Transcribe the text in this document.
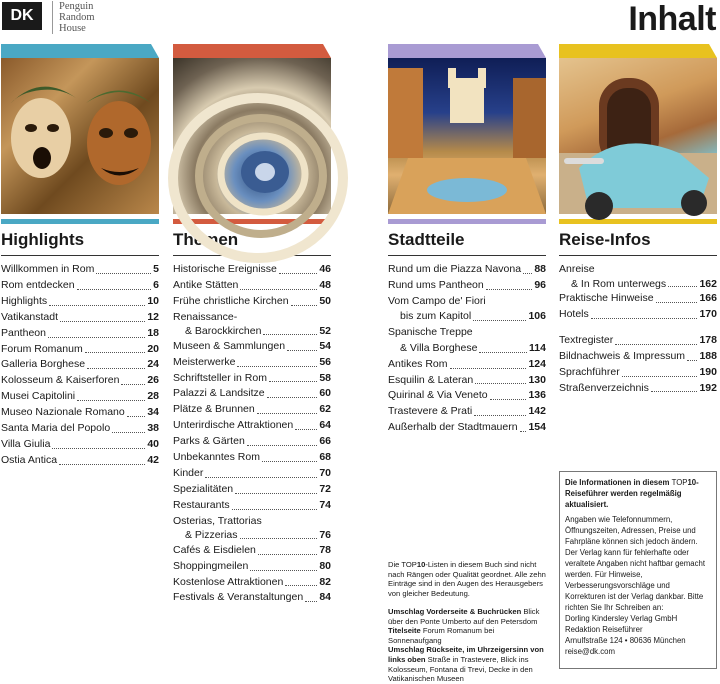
DK
Penguin
Random
House	Inhalt
Highlights
Willkommen in Rom	5
Rom entdecken	6
Highlights	10
Vatikanstadt	12
Pantheon	18
Forum Romanum	20
Galleria Borghese	24
Kolosseum & Kaiserforen	26
Musei Capitolini	28
Museo Nazionale Romano 34
Santa Maria del Popolo	38
Villa Giulia	40
Ostia Antica	42
Themen
Historische Ereignisse	46
Antike Stätten	48
Frühe christliche Kirchen	50
Renaissance-
& Barockkirchen	52
Museen & Sammlungen	54
Meisterwerke	56
Schriftsteller in Rom	58
Palazzi & Landsitze	60
Plätze & Brunnen	62
Unterirdische Attraktionen 64
Parks & Gärten	66
Unbekanntes Rom	68
Kinder	70
Spezialitäten	72
Restaurants	74
Osterias, Trattorias
& Pizzerias	76
Cafés & Eisdielen	78
Shoppingmeilen	80
Kostenlose Attraktionen	82
Festivals & Veranstaltungen 84
Stadtteile
Rund um die Piazza Navona 88
Rund ums Pantheon	96
Vom Campo de' Fiori
bis zum Kapitol	106
Spanische Treppe
& Villa Borghese	114
Antikes Rom	124
Esquilin & Lateran	130
Quirinal & Via Veneto	136
Trastevere & Prati	142
Außerhalb der Stadtmauern 154
Reise-Infos
Anreise
& In Rom unterwegs	162
Praktische Hinweise	166
Hotels	170
Textregister	178
Bildnachweis & Impressum 188
Sprachführer	190
Straßenverzeichnis	192
Die TOP10-Listen in diesem Buch sind nicht nach Rängen oder Qualität geordnet. Alle zehn Einträge sind in den Augen des Herausgebers von gleicher Bedeutung.
Umschlag Vorderseite & Buchrücken Blick über den Ponte Umberto auf den Petersdom
Titelseite Forum Romanum bei Sonnenaufgang
Umschlag Rückseite, im Uhrzeigersinn von links oben Straße in Trastevere, Blick ins Kolosseum, Fontana di Trevi, Decke in den Vatikanischen Museen
Die Informationen in diesem TOP10-Reiseführer werden regelmäßig aktualisiert.

Angaben wie Telefonnummern, Öffnungszeiten, Adressen, Preise und Fahrpläne können sich jedoch ändern. Der Verlag kann für fehlerhafte oder veraltete Angaben nicht haftbar gemacht werden. Für Hinweise, Verbesserungsvorschläge und Korrekturen ist der Verlag dankbar. Bitte richten Sie Ihr Schreiben an:

Dorling Kindersley Verlag GmbH
Redaktion Reiseführer
Arnulfstraße 124 • 80636 München
reise@dk.com
